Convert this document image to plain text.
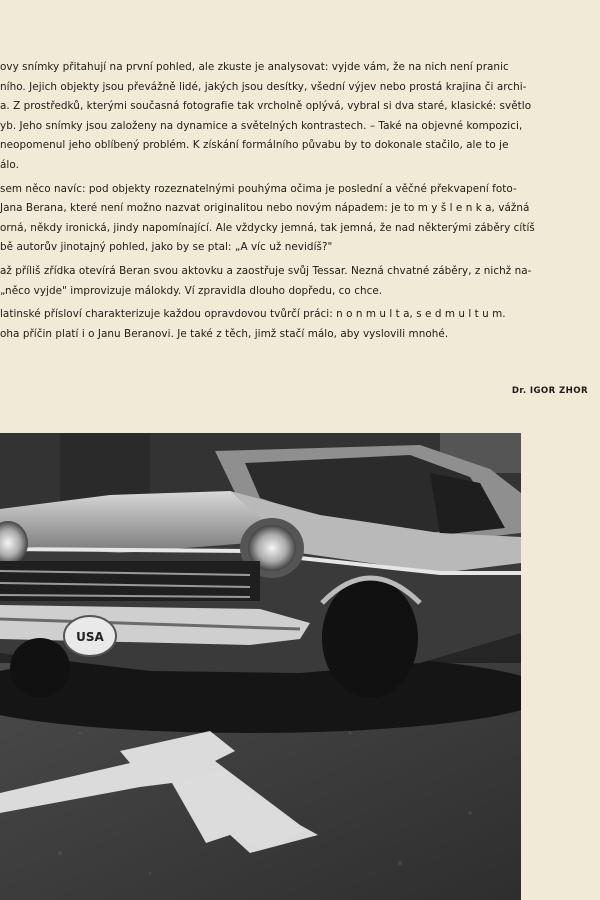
ovy snímky přitahují na první pohled, ale zkuste je analysovat: vyjde vám, že na nich není pranic
ního. Jejich objekty jsou převážně lidé, jakých jsou desítky, všední výjev nebo prostá krajina či archi-
a. Z prostředků, kterými současná fotografie tak vrcholně oplývá, vybral si dva staré, klasické: světlo
yb. Jeho snímky jsou založeny na dynamice a světelných kontrastech. – Také na objevné kompozici,
neopomenul jeho oblíbený problém. K získání formálního půvabu by to dokonale stačilo, ale to je
álo.
sem něco navíc: pod objekty rozeznatelnými pouhýma očima je poslední a věčné překvapení foto-
Jana Berana, které není možno nazvat originalitou nebo novým nápadem: je to m y š l e n k a, vážná
orná, někdy ironická, jindy napomínající. Ale vždycky jemná, tak jemná, že nad některými záběry cítíš
bě autorův jinotajný pohled, jako by se ptal: „A víc už nevidíš?"
až příliš zřídka otevírá Beran svou aktovku a zaostřuje svůj Tessar. Nezná chvatné záběry, z nichž na-
„něco vyjde" improvizuje málokdy. Ví zpravidla dlouho dopředu, co chce.
latinské přísloví charakterizuje každou opravdovou tvůrčí práci: n o n m u l t a, s e d m u l t u m.
oha příčin platí i o Janu Beranovi. Je také z těch, jimž stačí málo, aby vyslovili mnohé.
Dr. IGOR ZHOR
USA
